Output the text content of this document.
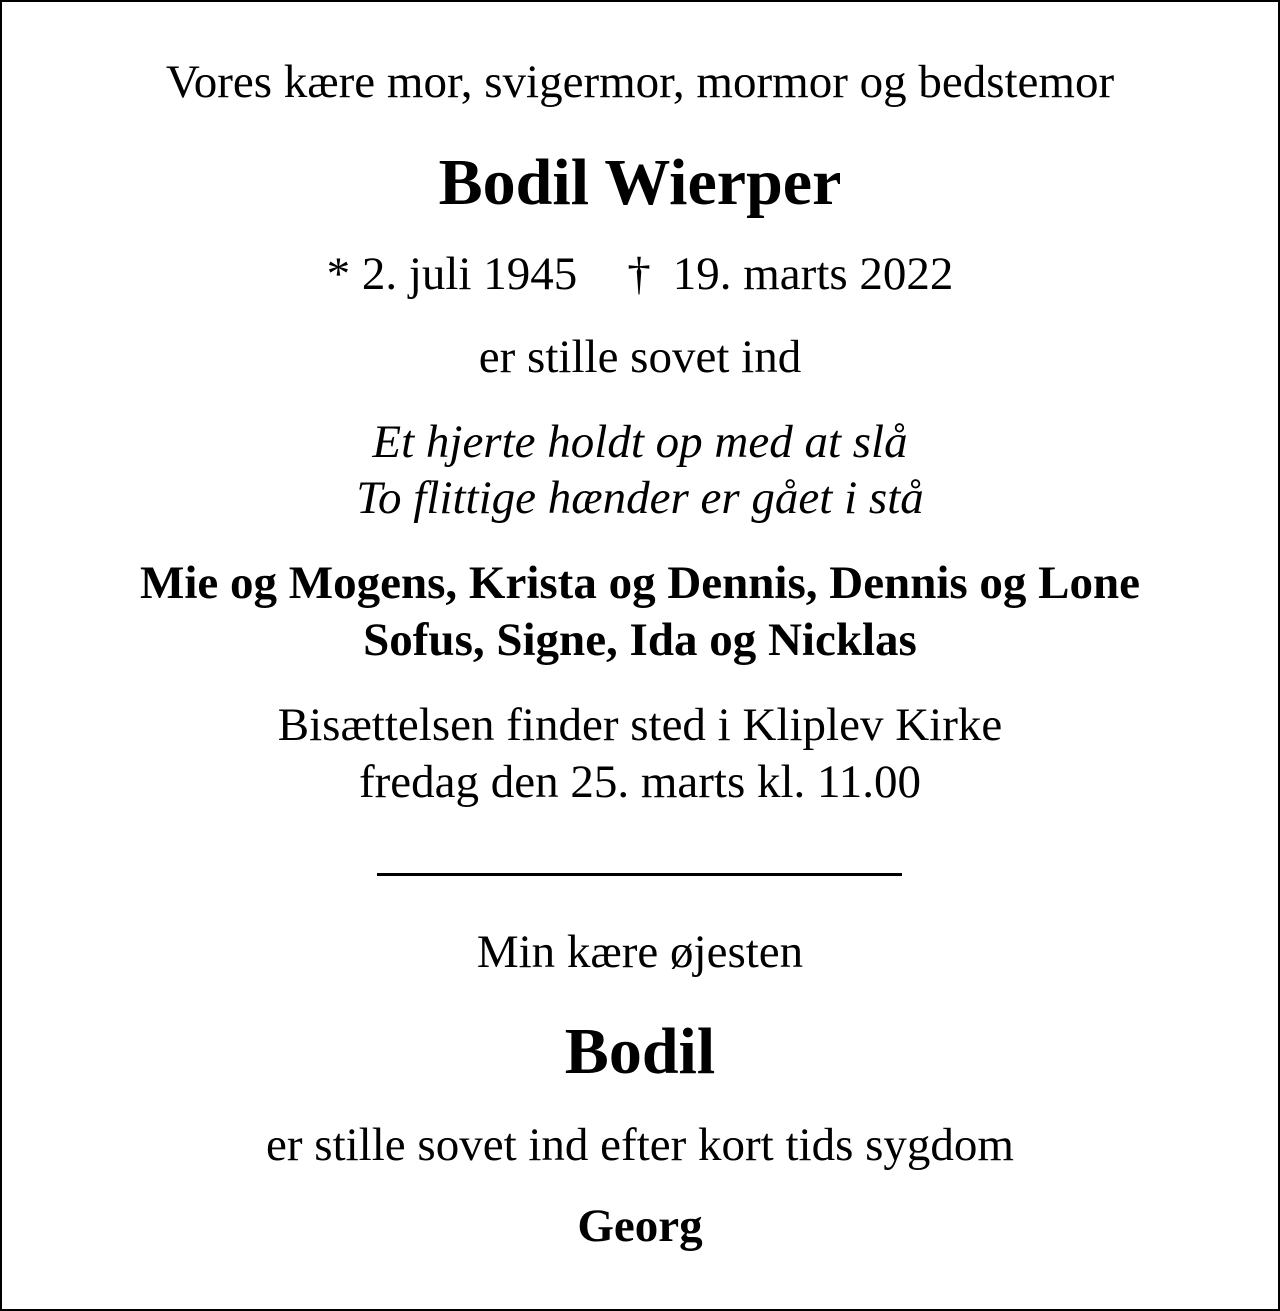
Vores kære mor, svigermor, mormor og bedstemor
Bodil Wierper
* 2. juli 1945 † 19. marts 2022
er stille sovet ind
Et hjerte holdt op med at slå
To flittige hænder er gået i stå
Mie og Mogens, Krista og Dennis, Dennis og Lone
Sofus, Signe, Ida og Nicklas
Bisættelsen finder sted i Kliplev Kirke
fredag den 25. marts kl. 11.00
Min kære øjesten
Bodil
er stille sovet ind efter kort tids sygdom
Georg
